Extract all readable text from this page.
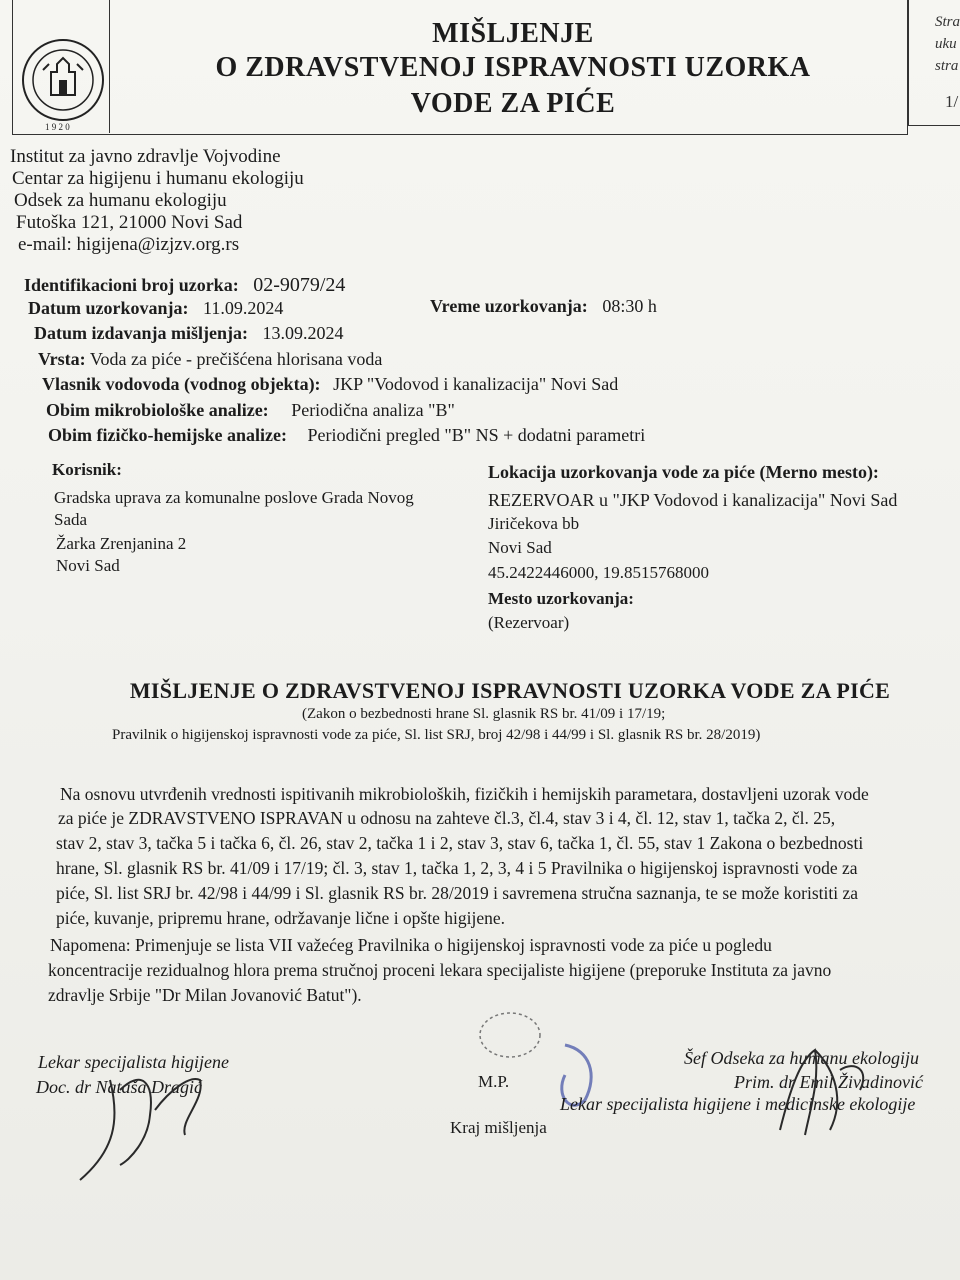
1 9 2 0
MIŠLJENJE
O ZDRAVSTVENOJ ISPRAVNOSTI UZORKA
VODE ZA PIĆE
Stra
uku
stra
1/
Institut za javno zdravlje Vojvodine
Centar za higijenu i humanu ekologiju
Odsek za humanu ekologiju
Futoška 121, 21000 Novi Sad
e-mail: higijena@izjzv.org.rs
Identifikacioni broj uzorka: 02-9079/24
Datum uzorkovanja: 11.09.2024	Vreme uzorkovanja: 08:30 h
Datum izdavanja mišljenja: 13.09.2024
Vrsta: Voda za piće - prečišćena hlorisana voda
Vlasnik vodovoda (vodnog objekta): JKP "Vodovod i kanalizacija" Novi Sad
Obim mikrobiološke analize: Periodična analiza "B"
Obim fizičko-hemijske analize: Periodični pregled "B" NS + dodatni parametri
Korisnik:
Gradska uprava za komunalne poslove Grada Novog
Sada
Žarka Zrenjanina 2
Novi Sad
Lokacija uzorkovanja vode za piće (Merno mesto):
REZERVOAR u "JKP Vodovod i kanalizacija" Novi Sad
Jiričekova bb
Novi Sad
45.2422446000, 19.8515768000
Mesto uzorkovanja:
(Rezervoar)
MIŠLJENJE O ZDRAVSTVENOJ ISPRAVNOSTI UZORKA VODE ZA PIĆE
(Zakon o bezbednosti hrane Sl. glasnik RS br. 41/09 i 17/19;
Pravilnik o higijenskoj ispravnosti vode za piće, Sl. list SRJ, broj 42/98 i 44/99 i Sl. glasnik RS br. 28/2019)
Na osnovu utvrđenih vrednosti ispitivanih mikrobioloških, fizičkih i hemijskih parametara, dostavljeni uzorak vode
za piće je ZDRAVSTVENO ISPRAVAN u odnosu na zahteve čl.3, čl.4, stav 3 i 4, čl. 12, stav 1, tačka 2, čl. 25,
stav 2, stav 3, tačka 5 i tačka 6, čl. 26, stav 2, tačka 1 i 2, stav 3, stav 6, tačka 1, čl. 55, stav 1 Zakona o bezbednosti
hrane, Sl. glasnik RS br. 41/09 i 17/19; čl. 3, stav 1, tačka 1, 2, 3, 4 i 5 Pravilnika o higijenskoj ispravnosti vode za
piće, Sl. list SRJ br. 42/98 i 44/99 i Sl. glasnik RS br. 28/2019 i savremena stručna saznanja, te se može koristiti za
piće, kuvanje, pripremu hrane, održavanje lične i opšte higijene.
Napomena: Primenjuje se lista VII važećeg Pravilnika o higijenskoj ispravnosti vode za piće u pogledu
koncentracije rezidualnog hlora prema stručnoj proceni lekara specijaliste higijene (preporuke Instituta za javno
zdravlje Srbije "Dr Milan Jovanović Batut").
Lekar specijalista higijene
Doc. dr Nataša Dragić	M.P.
Kraj mišljenja
Šef Odseka za humanu ekologiju
Prim. dr Emil Živadinović
Lekar specijalista higijene i medicinske ekologije
